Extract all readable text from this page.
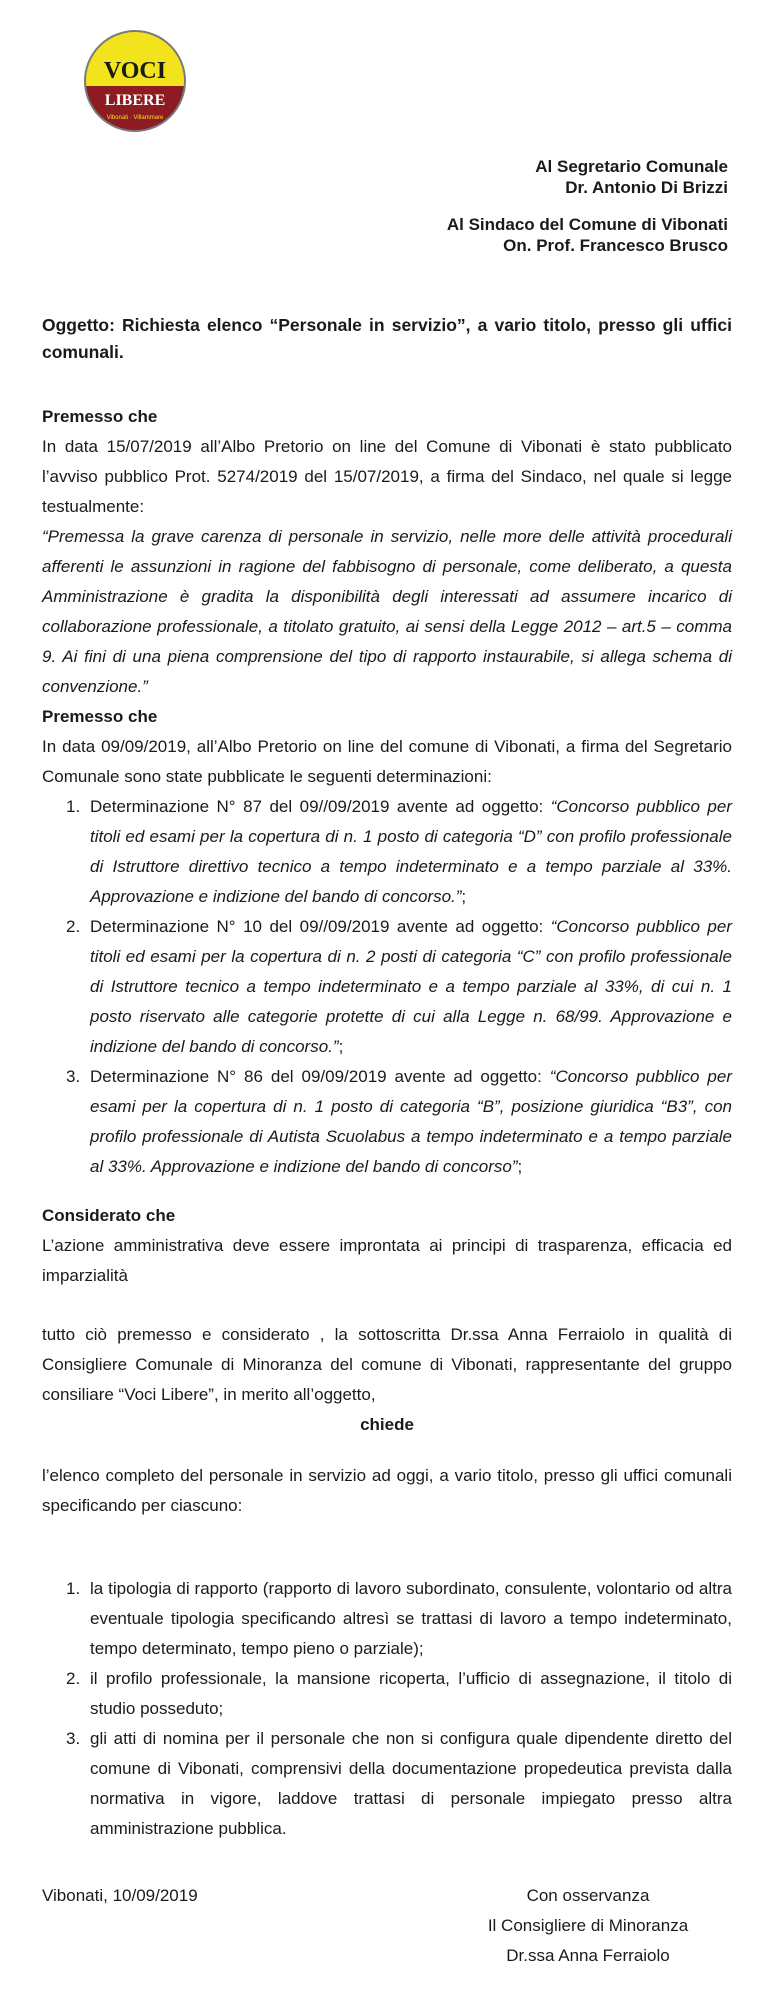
VOCI
LIBERE
Vibonati · Villammare
Al Segretario Comunale
Dr. Antonio Di Brizzi
Al Sindaco del Comune di Vibonati
On. Prof. Francesco Brusco
Oggetto: Richiesta elenco “Personale in servizio”, a vario titolo, presso gli uffici comunali.
Premesso che
In data 15/07/2019 all’Albo Pretorio on line del Comune di Vibonati è stato pubblicato l’avviso pubblico Prot. 5274/2019 del 15/07/2019, a firma del Sindaco, nel quale si legge testualmente:
“Premessa la grave carenza di personale in servizio, nelle more delle attività procedurali afferenti le assunzioni in ragione del fabbisogno di personale, come deliberato, a questa Amministrazione è gradita la disponibilità degli interessati ad assumere incarico di collaborazione professionale, a titolato gratuito, ai sensi della Legge 2012 – art.5 – comma 9. Ai fini di una piena comprensione del tipo di rapporto instaurabile, si allega schema di convenzione.”
Premesso che
In data 09/09/2019, all’Albo Pretorio on line del comune di Vibonati, a firma del Segretario Comunale sono state pubblicate le seguenti determinazioni:
1. Determinazione N° 87 del 09//09/2019 avente ad oggetto: “Concorso pubblico per titoli ed esami per la copertura di n. 1 posto di categoria “D” con profilo professionale di Istruttore direttivo tecnico a tempo indeterminato e a tempo parziale al 33%. Approvazione e indizione del bando di concorso.”;
2. Determinazione N° 10 del 09//09/2019 avente ad oggetto: “Concorso pubblico per titoli ed esami per la copertura di n. 2 posti di categoria “C” con profilo professionale di Istruttore tecnico a tempo indeterminato e a tempo parziale al 33%, di cui n. 1 posto riservato alle categorie protette di cui alla Legge n. 68/99. Approvazione e indizione del bando di concorso.”;
3. Determinazione N° 86 del 09/09/2019 avente ad oggetto: “Concorso pubblico per esami per la copertura di n. 1 posto di categoria “B”, posizione giuridica “B3”, con profilo professionale di Autista Scuolabus a tempo indeterminato e a tempo parziale al 33%. Approvazione e indizione del bando di concorso”;
Considerato che
L’azione amministrativa deve essere improntata ai principi di trasparenza, efficacia ed imparzialità
tutto ciò premesso e considerato , la sottoscritta Dr.ssa Anna Ferraiolo in qualità di Consigliere Comunale di Minoranza del comune di Vibonati, rappresentante del gruppo consiliare “Voci Libere”, in merito all’oggetto,
chiede
l’elenco completo del personale in servizio ad oggi, a vario titolo, presso gli uffici comunali specificando per ciascuno:
1. la tipologia di rapporto (rapporto di lavoro subordinato, consulente, volontario od altra eventuale tipologia specificando altresì se trattasi di lavoro a tempo indeterminato, tempo determinato, tempo pieno o parziale);
2. il profilo professionale, la mansione ricoperta, l’ufficio di assegnazione, il titolo di studio posseduto;
3. gli atti di nomina per il personale che non si configura quale dipendente diretto del comune di Vibonati, comprensivi della documentazione propedeutica prevista dalla normativa in vigore, laddove trattasi di personale impiegato presso altra amministrazione pubblica.
Vibonati, 10/09/2019	Con osservanza
Il Consigliere di Minoranza
Dr.ssa Anna Ferraiolo
